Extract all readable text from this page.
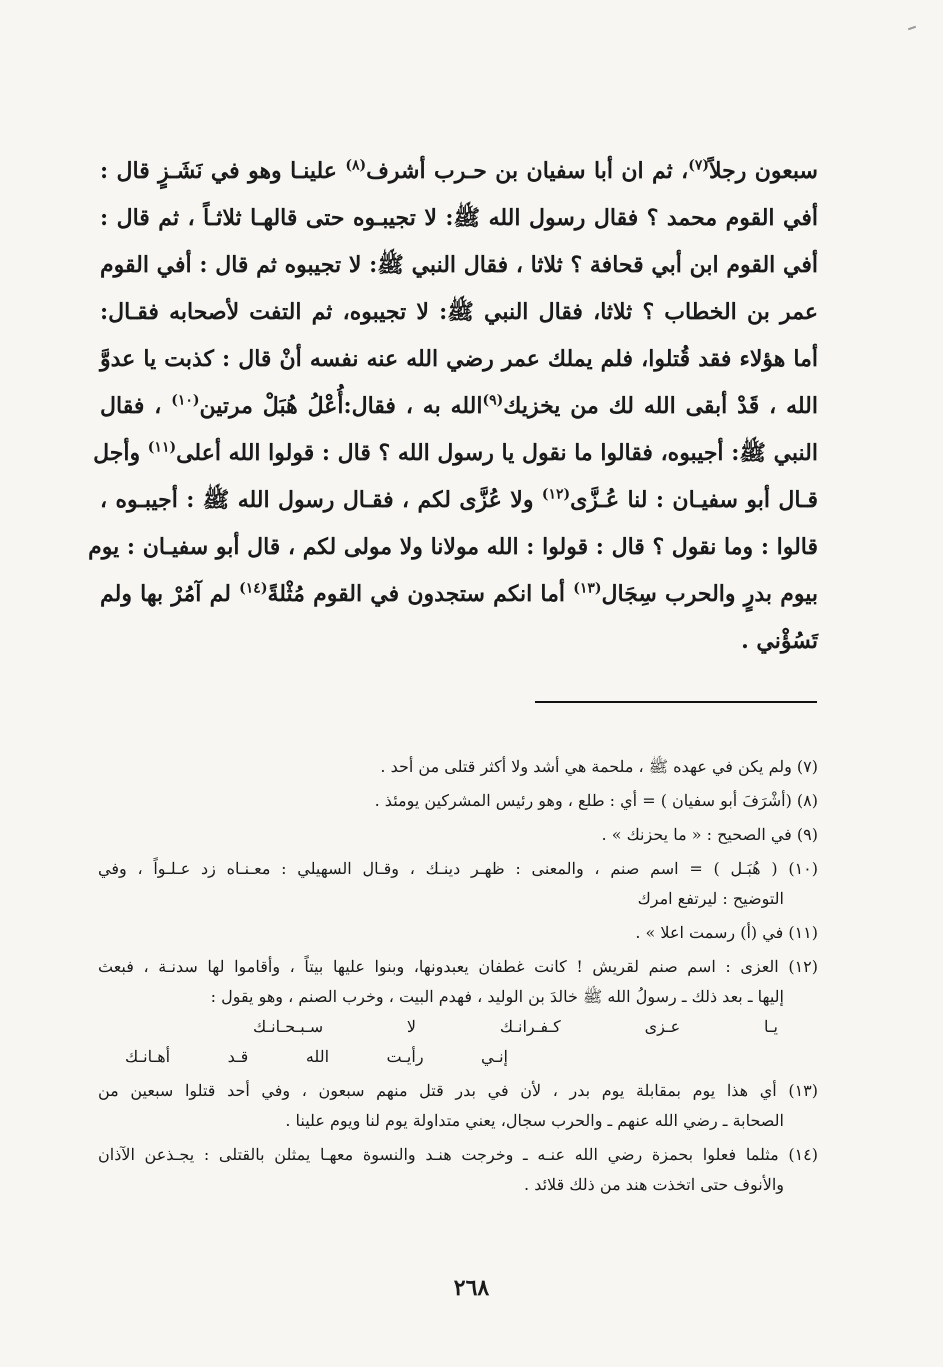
سبعون رجلاً$^{(٧)}$، ثم ان أبا سفيان بن حـرب أشرف$^{(٨)}$ علينـا وهو في نَشَـزٍ قال :
أفي القوم محمد ؟ فقال رسول الله ﷺ: لا تجيبـوه حتى قالهـا ثلاثـاً ، ثم قال :
أفي القوم ابن أبي قحافة ؟ ثلاثا ، فقال النبي ﷺ: لا تجيبوه ثم قال : أفي القوم
عمر بن الخطاب ؟ ثلاثا، فقال النبي ﷺ: لا تجيبوه، ثم التفت لأصحابه فقـال:
أما هؤلاء فقد قُتلوا، فلم يملك عمر رضي الله عنه نفسه أنْ قال : كذبت يا عدوَّ
الله ، قَدْ أبقى الله لك من يخزيك$^{(٩)}$الله به ، فقال:أُعْلُ هُبَلْ مرتين$^{(١٠)}$ ، فقال
النبي ﷺ: أجيبوه، فقالوا ما نقول يا رسول الله ؟ قال : قولوا الله أعلى$^{(١١)}$ وأجل
قـال أبو سفيـان : لنا عُـزَّى$^{(١٢)}$ ولا عُزَّى لكم ، فقـال رسول الله ﷺ : أجيبـوه ،
قالوا : وما نقول ؟ قال : قولوا : الله مولانا ولا مولى لكم ، قال أبو سفيـان : يوم
بيوم بدرٍ والحرب سِجَال$^{(١٣)}$ أما انكم ستجدون في القوم مُثْلةً$^{(١٤)}$ لم آمُرْ بها ولم
تَسُؤْني .
(٧) ولم يكن في عهده ﷺ ، ملحمة هي أشد ولا أكثر قتلى من أحد .
(٨) (أشْرَفَ أبو سفيان ) = أي : طلع ، وهو رئيس المشركين يومئذ .
(٩) في الصحيح : « ما يحزنك » .
(١٠) ( هُبَـل ) = اسم صنم ، والمعنى : ظهـر دينـك ، وقـال السهيلي : معـنـاه زد عـلـواً ، وفي
التوضيح : ليرتفع امرك
(١١) في (أ) رسمت اعلا » .
(١٢) العزى : اسم صنم لقريش ! كانت غطفان يعبدونها، وبنوا عليها بيتاً ، وأقاموا لها سدنـة ، فبعث
إليها ـ بعد ذلك ـ رسولُ الله ﷺ خالدَ بن الوليد ، فهدم البيت ، وخرب الصنم ، وهو يقول :
يـا عـزى كـفـرانـك لا سـبـحـانـك
إنـي رأيـت الله قـد أهـانـك
(١٣) أي هذا يوم بمقابلة يوم بدر ، لأن في بدر قتل منهم سبعون ، وفي أحد قتلوا سبعين من
الصحابة ـ رضي الله عنهم ـ والحرب سجال، يعني متداولة يوم لنا ويوم علينا .
(١٤) مثلما فعلوا بحمزة رضي الله عنـه ـ وخرجت هنـد والنسوة معهـا يمثلن بالقتلى : يجـذعن الآذان
والأنوف حتى اتخذت هند من ذلك قلائد .
٢٦٨
